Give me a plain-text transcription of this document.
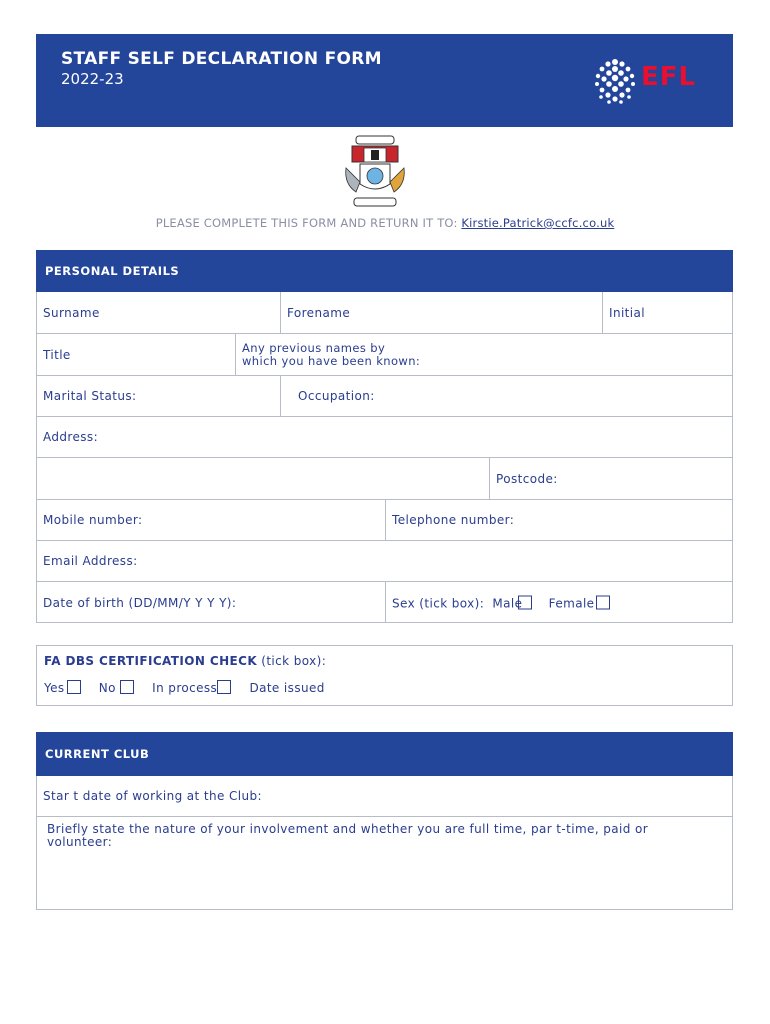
STAFF SELF DECLARATION FORM
2022-23	EFL
PLEASE COMPLETE THIS FORM AND RETURN IT TO: Kirstie.Patrick@ccfc.co.uk
PERSONAL DETAILS
Surname	Forename	Initial
Title	Any previous names by
which you have been known:
Marital Status:	Occupation:
Address:
Postcode:
Mobile number:	Telephone number:
Email Address:
Date of birth (DD/MM/Y Y Y Y):	Sex (tick box): Male Female
FA DBS CERTIFICATION CHECK (tick box):
Yes	No	In process	Date issued
CURRENT CLUB
Star t date of working at the Club:
Briefly state the nature of your involvement and whether you are full time, par t-time, paid or volunteer:
